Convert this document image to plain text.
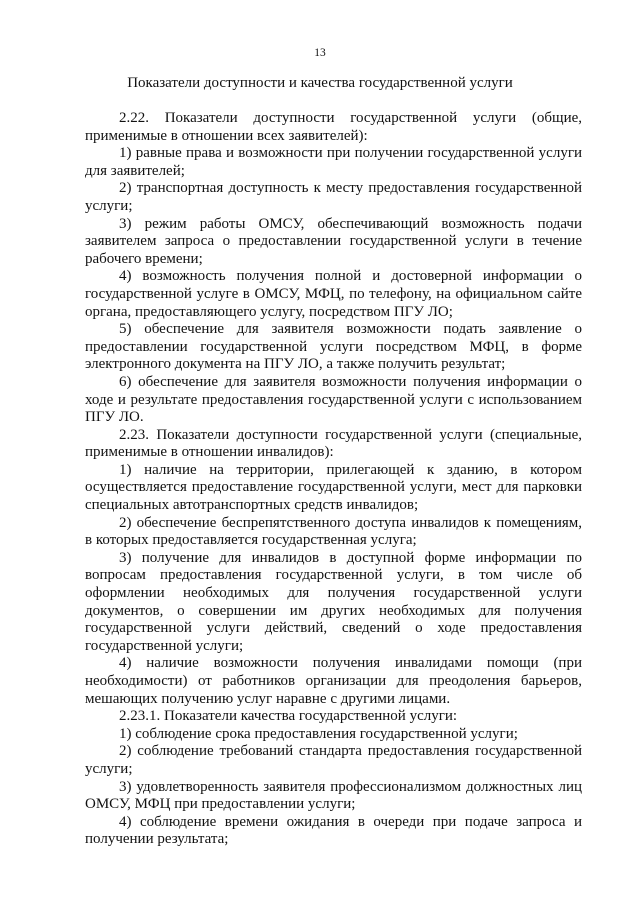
13
Показатели доступности и качества государственной услуги

2.22. Показатели доступности государственной услуги (общие, применимые в отношении всех заявителей):

1) равные права и возможности при получении государственной услуги для заявителей;

2) транспортная доступность к месту предоставления государственной услуги;

3) режим работы ОМСУ, обеспечивающий возможность подачи заявителем запроса о предоставлении государственной услуги в течение рабочего времени;

4) возможность получения полной и достоверной информации о государственной услуге в ОМСУ, МФЦ, по телефону, на официальном сайте органа, предоставляющего услугу, посредством ПГУ ЛО;

5) обеспечение для заявителя возможности подать заявление о предоставлении государственной услуги посредством МФЦ, в форме электронного документа на ПГУ ЛО, а также получить результат;

6) обеспечение для заявителя возможности получения информации о ходе и результате предоставления государственной услуги с использованием ПГУ ЛО.

2.23. Показатели доступности государственной услуги (специальные, применимые в отношении инвалидов):

1) наличие на территории, прилегающей к зданию, в котором осуществляется предоставление государственной услуги, мест для парковки специальных автотранспортных средств инвалидов;

2) обеспечение беспрепятственного доступа инвалидов к помещениям, в которых предоставляется государственная услуга;

3) получение для инвалидов в доступной форме информации по вопросам предоставления государственной услуги, в том числе об оформлении необходимых для получения государственной услуги документов, о совершении им других необходимых для получения государственной услуги действий, сведений о ходе предоставления государственной услуги;

4) наличие возможности получения инвалидами помощи (при необходимости) от работников организации для преодоления барьеров, мешающих получению услуг наравне с другими лицами.

2.23.1. Показатели качества государственной услуги:

1) соблюдение срока предоставления государственной услуги;

2) соблюдение требований стандарта предоставления государственной услуги;

3) удовлетворенность заявителя профессионализмом должностных лиц ОМСУ, МФЦ при предоставлении услуги;

4) соблюдение времени ожидания в очереди при подаче запроса и получении результата;
